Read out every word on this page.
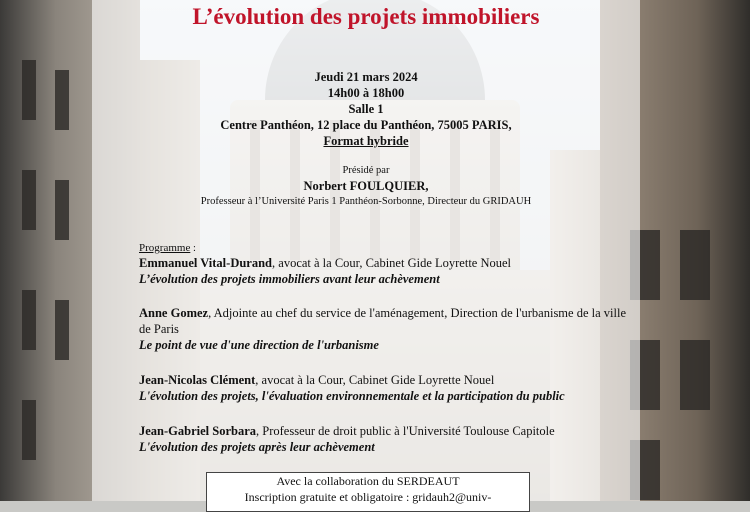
L’évolution des projets immobiliers
Jeudi 21 mars 2024
14h00 à 18h00
Salle 1
Centre Panthéon, 12 place du Panthéon, 75005 PARIS,
Format hybride
Présidé par
Norbert FOULQUIER,
Professeur à l’Université Paris 1 Panthéon-Sorbonne, Directeur du GRIDAUH
Programme :
Emmanuel Vital-Durand, avocat à la Cour, Cabinet Gide Loyrette Nouel
L’évolution des projets immobiliers avant leur achèvement
Anne Gomez, Adjointe au chef du service de l'aménagement, Direction de l'urbanisme de la ville de Paris
Le point de vue d'une direction de l'urbanisme
Jean-Nicolas Clément, avocat à la Cour, Cabinet Gide Loyrette Nouel
L'évolution des projets, l'évaluation environnementale et la participation du public
Jean-Gabriel Sorbara, Professeur de droit public à l'Université Toulouse Capitole
L'évolution des projets après leur achèvement
Avec la collaboration du SERDEAUT
Inscription gratuite et obligatoire : gridauh2@univ-
